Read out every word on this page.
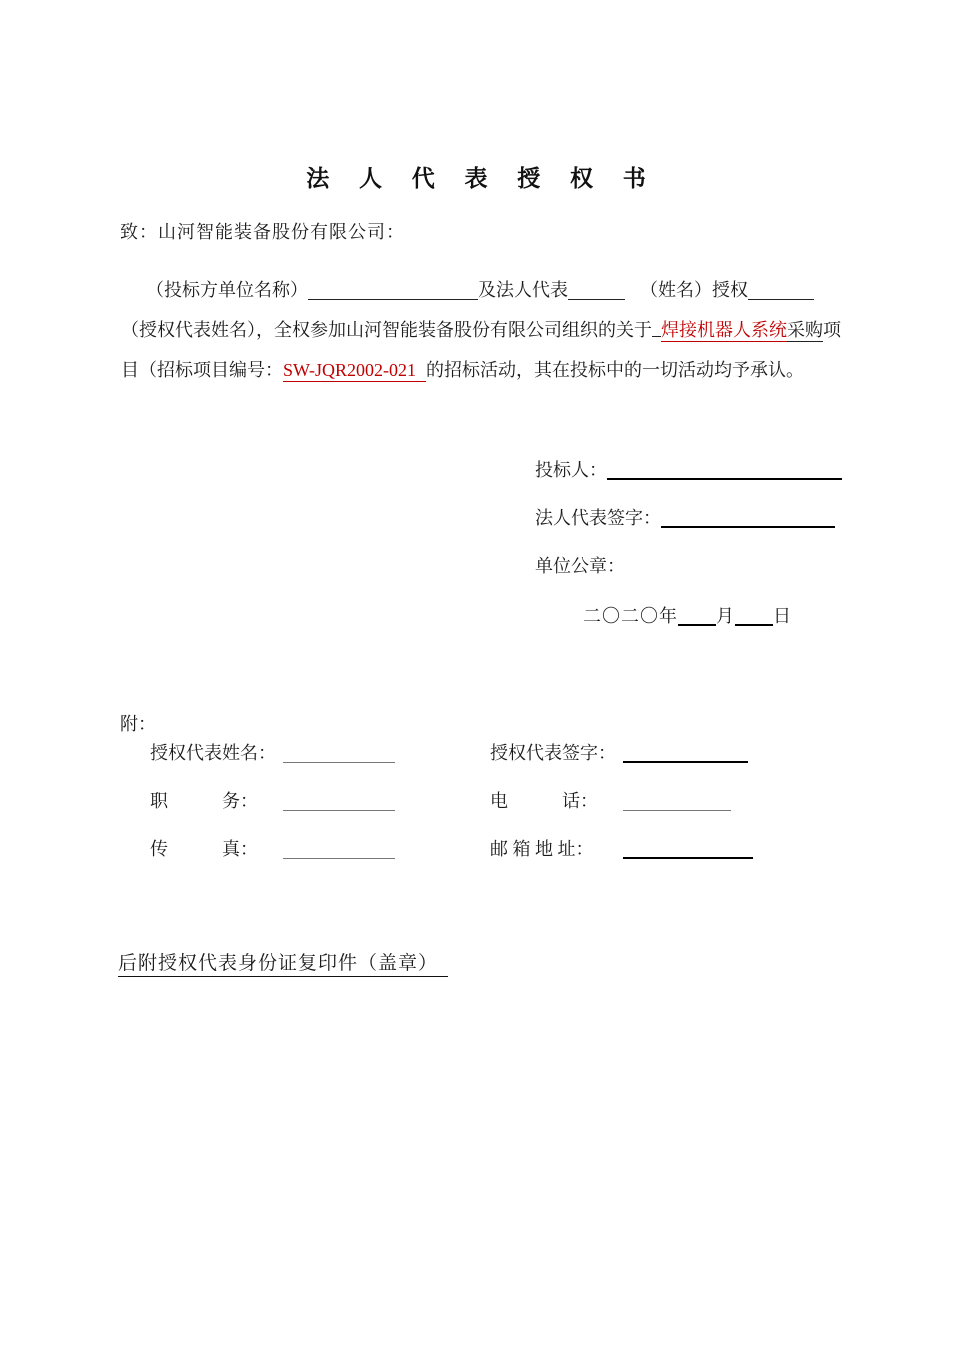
法 人 代 表 授 权 书
致：山河智能装备股份有限公司：
（投标方单位名称）	及法人代表	（姓名）授权
（授权代表姓名），全权参加山河智能装备股份有限公司组织的关于 焊接机器人系统采购项
目（招标项目编号：SW-JQR2002-021 的招标活动，其在投标中的一切活动均予承认。
投标人：
法人代表签字：
单位公章：
二〇二〇年 月 日
附：
授权代表姓名：	授权代表签字：
职　　　务：	电　　　话：
传　　　真：	邮 箱 地 址：
后附授权代表身份证复印件（盖章）
